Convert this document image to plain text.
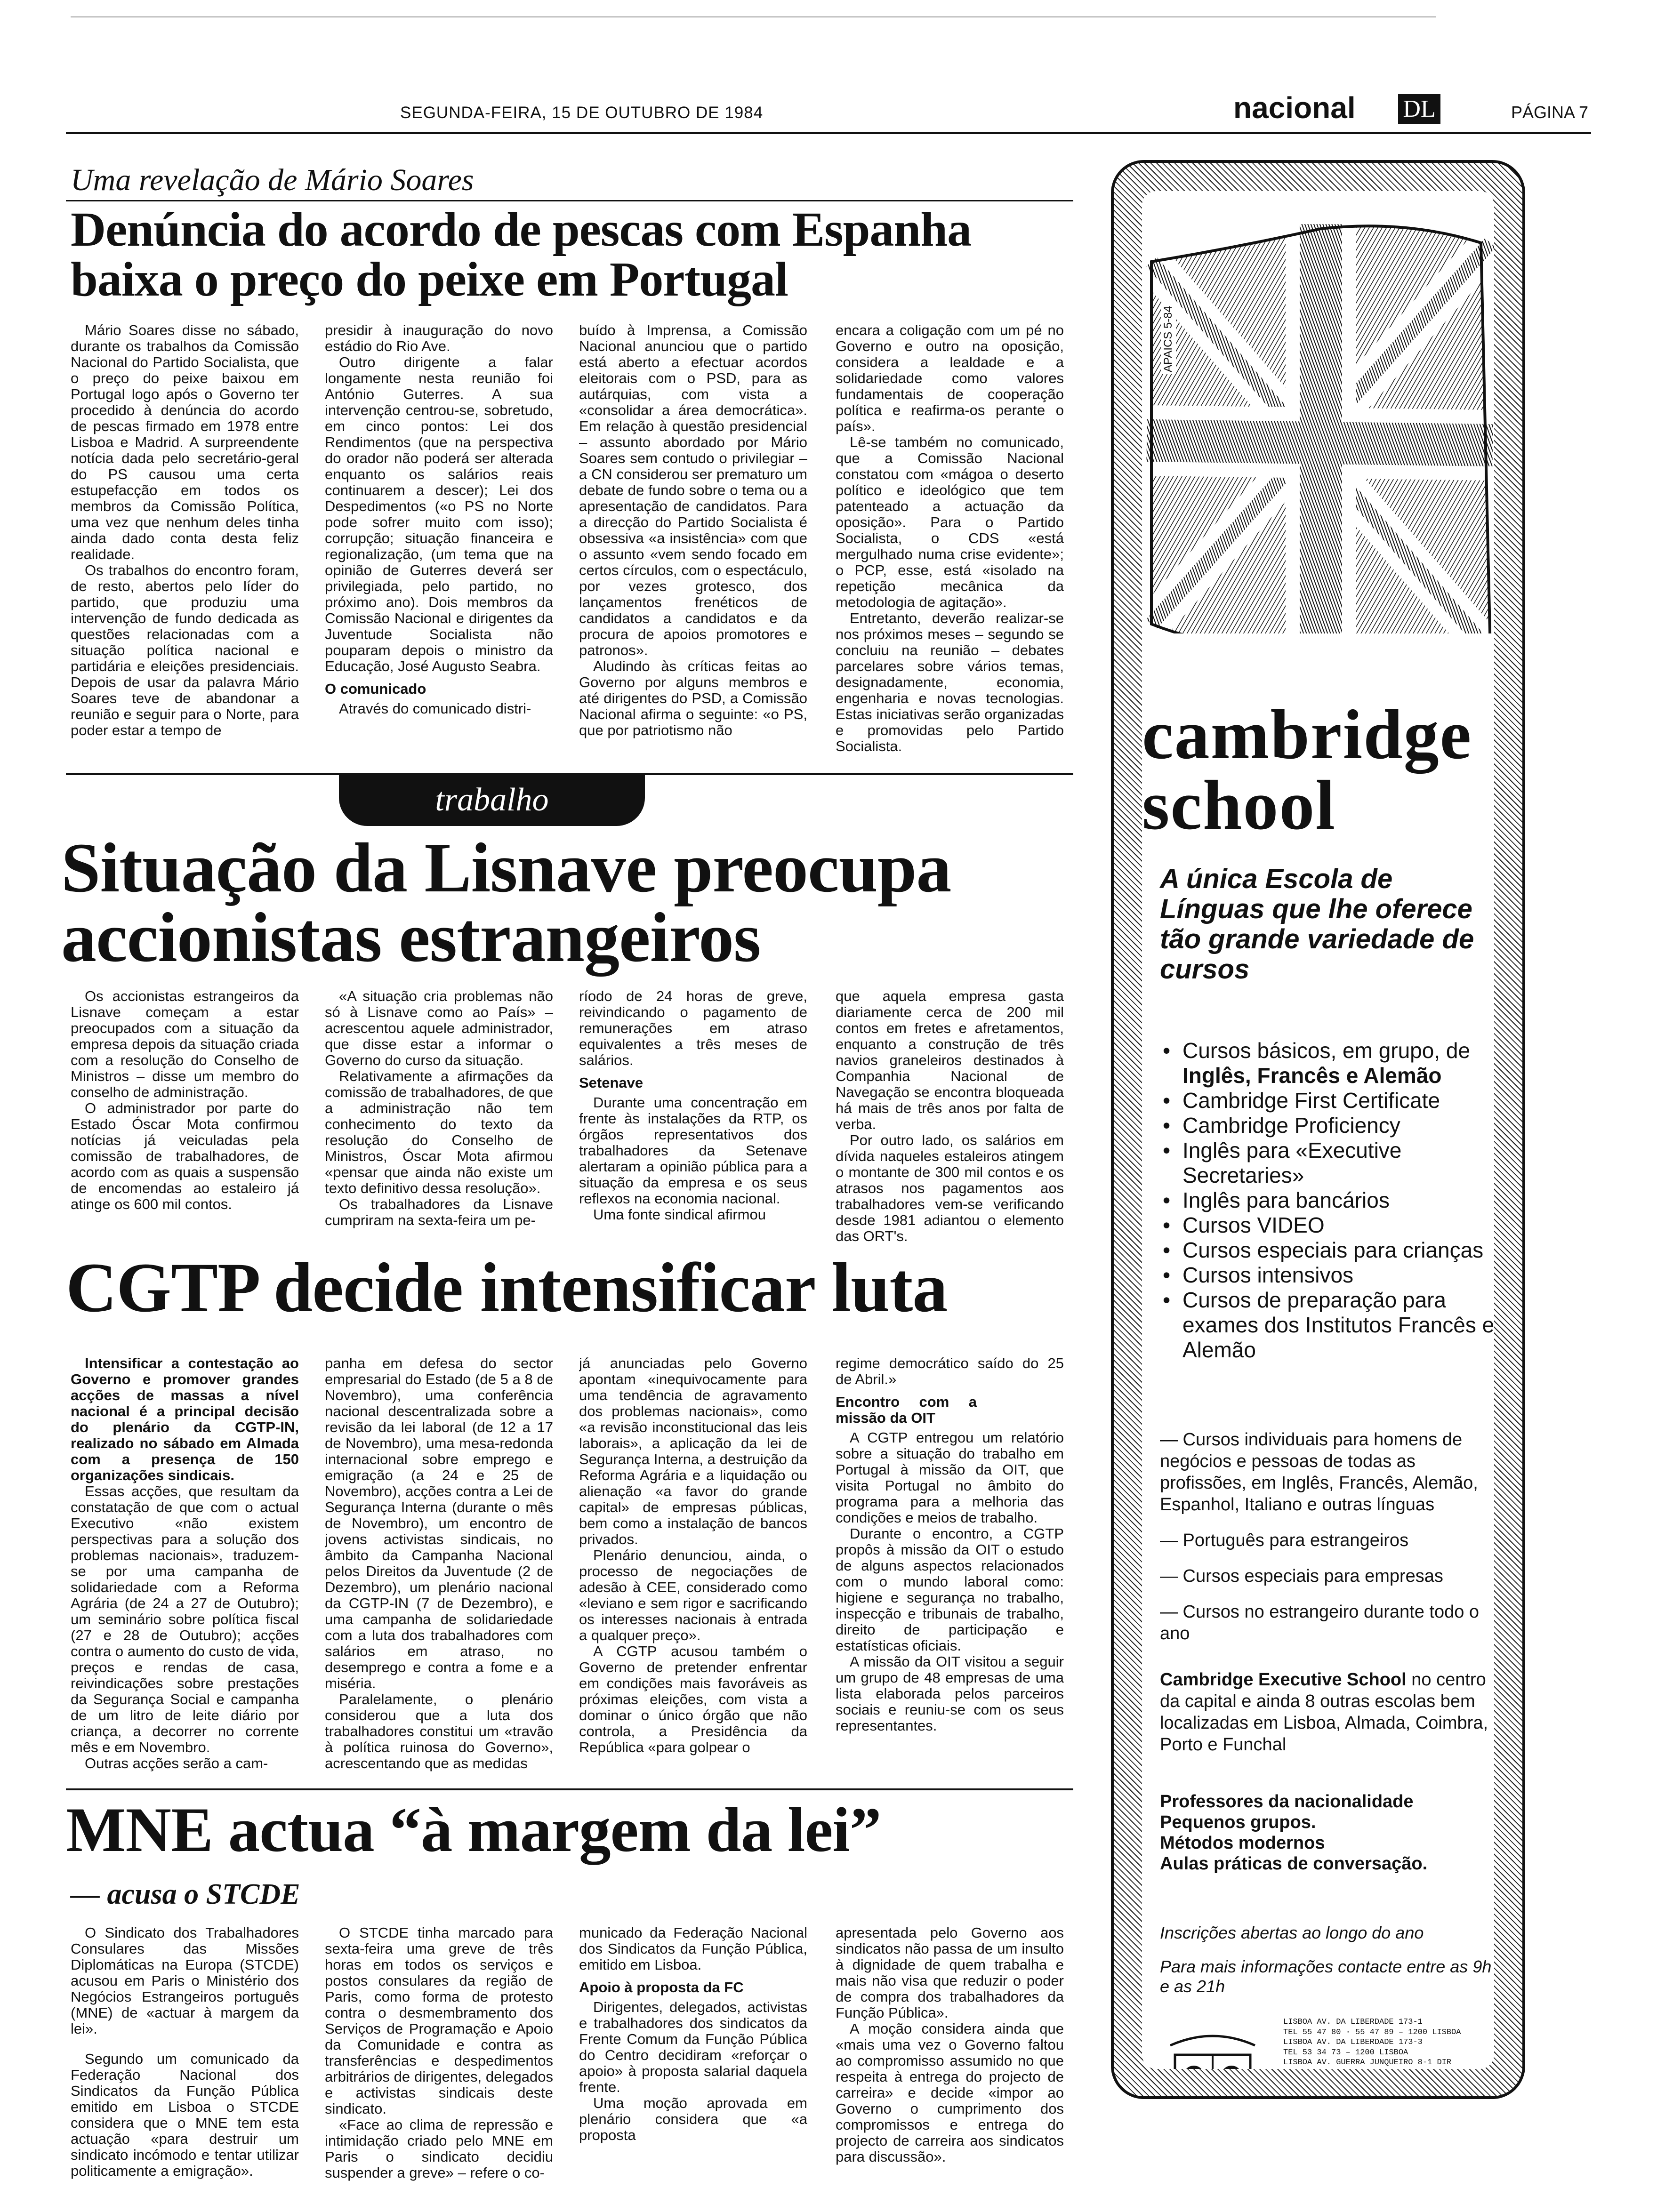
SEGUNDA-FEIRA, 15 DE OUTUBRO DE 1984	nacional DL	PÁGINA 7
Uma revelação de Mário Soares
Denúncia do acordo de pescas com Espanha
baixa o preço do peixe em Portugal

Mário Soares disse no sábado, durante os trabalhos da Comissão Nacional do Partido Socialista, que o preço do peixe baixou em Portugal logo após o Governo ter procedido à denúncia do acordo de pescas firmado em 1978 entre Lisboa e Madrid. A surpreendente notícia dada pelo secretário-geral do PS causou uma certa estupefacção em todos os membros da Comissão Política, uma vez que nenhum deles tinha ainda dado conta desta feliz realidade.

Os trabalhos do encontro foram, de resto, abertos pelo líder do partido, que produziu uma intervenção de fundo dedicada as questões relacionadas com a situação política nacional e partidária e eleições presidenciais. Depois de usar da palavra Mário Soares teve de abandonar a reunião e seguir para o Norte, para poder estar a tempo de

presidir à inauguração do novo estádio do Rio Ave.

Outro dirigente a falar longamente nesta reunião foi António Guterres. A sua intervenção centrou-se, sobretudo, em cinco pontos: Lei dos Rendimentos (que na perspectiva do orador não poderá ser alterada enquanto os salários reais continuarem a descer); Lei dos Despedimentos («o PS no Norte pode sofrer muito com isso); corrupção; situação financeira e regionalização, (um tema que na opinião de Guterres deverá ser privilegiada, pelo partido, no próximo ano). Dois membros da Comissão Nacional e dirigentes da Juventude Socialista não pouparam depois o ministro da Educação, José Augusto Seabra.

O comunicado

Através do comunicado distri-

buído à Imprensa, a Comissão Nacional anunciou que o partido está aberto a efectuar acordos eleitorais com o PSD, para as autárquias, com vista a «consolidar a área democrática». Em relação à questão presidencial – assunto abordado por Mário Soares sem contudo o privilegiar – a CN considerou ser prematuro um debate de fundo sobre o tema ou a apresentação de candidatos. Para a direcção do Partido Socialista é obsessiva «a insistência» com que o assunto «vem sendo focado em certos círculos, com o espectáculo, por vezes grotesco, dos lançamentos frenéticos de candidatos a candidatos e da procura de apoios promotores e patronos».

Aludindo às críticas feitas ao Governo por alguns membros e até dirigentes do PSD, a Comissão Nacional afirma o seguinte: «o PS, que por patriotismo não

encara a coligação com um pé no Governo e outro na oposição, considera a lealdade e a solidariedade como valores fundamentais de cooperação política e reafirma-os perante o país».

Lê-se também no comunicado, que a Comissão Nacional constatou com «mágoa o deserto político e ideológico que tem patenteado a actuação da oposição». Para o Partido Socialista, o CDS «está mergulhado numa crise evidente»; o PCP, esse, está «isolado na repetição mecânica da metodologia de agitação».

Entretanto, deverão realizar-se nos próximos meses – segundo se concluiu na reunião – debates parcelares sobre vários temas, designadamente, economia, engenharia e novas tecnologias. Estas iniciativas serão organizadas e promovidas pelo Partido Socialista.

trabalho
Situação da Lisnave preocupa
accionistas estrangeiros

Os accionistas estrangeiros da Lisnave começam a estar preocupados com a situação da empresa depois da situação criada com a resolução do Conselho de Ministros – disse um membro do conselho de administração.

O administrador por parte do Estado Óscar Mota confirmou notícias já veiculadas pela comissão de trabalhadores, de acordo com as quais a suspensão de encomendas ao estaleiro já atinge os 600 mil contos.

«A situação cria problemas não só à Lisnave como ao País» – acrescentou aquele administrador, que disse estar a informar o Governo do curso da situação.

Relativamente a afirmações da comissão de trabalhadores, de que a administração não tem conhecimento do texto da resolução do Conselho de Ministros, Óscar Mota afirmou «pensar que ainda não existe um texto definitivo dessa resolução».

Os trabalhadores da Lisnave cumpriram na sexta-feira um pe-

ríodo de 24 horas de greve, reivindicando o pagamento de remunerações em atraso equivalentes a três meses de salários.

Setenave

Durante uma concentração em frente às instalações da RTP, os órgãos representativos dos trabalhadores da Setenave alertaram a opinião pública para a situação da empresa e os seus reflexos na economia nacional.

Uma fonte sindical afirmou

que aquela empresa gasta diariamente cerca de 200 mil contos em fretes e afretamentos, enquanto a construção de três navios graneleiros destinados à Companhia Nacional de Navegação se encontra bloqueada há mais de três anos por falta de verba.

Por outro lado, os salários em dívida naqueles estaleiros atingem o montante de 300 mil contos e os atrasos nos pagamentos aos trabalhadores vem-se verificando desde 1981 adiantou o elemento das ORT's.

CGTP decide intensificar luta

Intensificar a contestação ao Governo e promover grandes acções de massas a nível nacional é a principal decisão do plenário da CGTP-IN, realizado no sábado em Almada com a presença de 150 organizações sindicais.

Essas acções, que resultam da constatação de que com o actual Executivo «não existem perspectivas para a solução dos problemas nacionais», traduzem-se por uma campanha de solidariedade com a Reforma Agrária (de 24 a 27 de Outubro); um seminário sobre política fiscal (27 e 28 de Outubro); acções contra o aumento do custo de vida, preços e rendas de casa, reivindicações sobre prestações da Segurança Social e campanha de um litro de leite diário por criança, a decorrer no corrente mês e em Novembro.

Outras acções serão a cam-

panha em defesa do sector empresarial do Estado (de 5 a 8 de Novembro), uma conferência nacional descentralizada sobre a revisão da lei laboral (de 12 a 17 de Novembro), uma mesa-redonda internacional sobre emprego e emigração (a 24 e 25 de Novembro), acções contra a Lei de Segurança Interna (durante o mês de Novembro), um encontro de jovens activistas sindicais, no âmbito da Campanha Nacional pelos Direitos da Juventude (2 de Dezembro), um plenário nacional da CGTP-IN (7 de Dezembro), e uma campanha de solidariedade com a luta dos trabalhadores com salários em atraso, no desemprego e contra a fome e a miséria.

Paralelamente, o plenário considerou que a luta dos trabalhadores constitui um «travão à política ruinosa do Governo», acrescentando que as medidas

já anunciadas pelo Governo apontam «inequivocamente para uma tendência de agravamento dos problemas nacionais», como «a revisão inconstitucional das leis laborais», a aplicação da lei de Segurança Interna, a destruição da Reforma Agrária e a liquidação ou alienação «a favor do grande capital» de empresas públicas, bem como a instalação de bancos privados.

Plenário denunciou, ainda, o processo de negociações de adesão à CEE, considerado como «leviano e sem rigor e sacrificando os interesses nacionais à entrada a qualquer preço».

A CGTP acusou também o Governo de pretender enfrentar em condições mais favoráveis as próximas eleições, com vista a dominar o único órgão que não controla, a Presidência da República «para golpear o

regime democrático saído do 25 de Abril.»

Encontro com a missão da OIT

A CGTP entregou um relatório sobre a situação do trabalho em Portugal à missão da OIT, que visita Portugal no âmbito do programa para a melhoria das condições e meios de trabalho.

Durante o encontro, a CGTP propôs à missão da OIT o estudo de alguns aspectos relacionados com o mundo laboral como: higiene e segurança no trabalho, inspecção e tribunais de trabalho, direito de participação e estatísticas oficiais.

A missão da OIT visitou a seguir um grupo de 48 empresas de uma lista elaborada pelos parceiros sociais e reuniu-se com os seus representantes.

MNE actua “à margem da lei”
— acusa o STCDE

O Sindicato dos Trabalhadores Consulares das Missões Diplomáticas na Europa (STCDE) acusou em Paris o Ministério dos Negócios Estrangeiros português (MNE) de «actuar à margem da lei».

Segundo um comunicado da Federação Nacional dos Sindicatos da Função Pública emitido em Lisboa o STCDE considera que o MNE tem esta actuação «para destruir um sindicato incómodo e tentar utilizar politicamente a emigração».

O STCDE tinha marcado para sexta-feira uma greve de três horas em todos os serviços e postos consulares da região de Paris, como forma de protesto contra o desmembramento dos Serviços de Programação e Apoio da Comunidade e contra as transferências e despedimentos arbitrários de dirigentes, delegados e activistas sindicais deste sindicato.

«Face ao clima de repressão e intimidação criado pelo MNE em Paris o sindicato decidiu suspender a greve» – refere o co-

municado da Federação Nacional dos Sindicatos da Função Pública, emitido em Lisboa.

Apoio à proposta da FC

Dirigentes, delegados, activistas e trabalhadores dos sindicatos da Frente Comum da Função Pública do Centro decidiram «reforçar o apoio» à proposta salarial daquela frente.

Uma moção aprovada em plenário considera que «a proposta

apresentada pelo Governo aos sindicatos não passa de um insulto à dignidade de quem trabalha e mais não visa que reduzir o poder de compra dos trabalhadores da Função Pública».

A moção considera ainda que «mais uma vez o Governo faltou ao compromisso assumido no que respeita à entrega do projecto de carreira» e decide «impor ao Governo o cumprimento dos compromissos e entrega do projecto de carreira aos sindicatos para discussão».

APAICS 5-84
cambridge
school
A única Escola de Línguas que lhe oferece tão grande variedade de cursos
• Cursos básicos, em grupo, de Inglês, Francês e Alemão
• Cambridge First Certificate
• Cambridge Proficiency
• Inglês para «Executive Secretaries»
• Inglês para bancários
• Cursos VIDEO
• Cursos especiais para crianças
• Cursos intensivos
• Cursos de preparação para exames dos Institutos Francês e Alemão
— Cursos individuais para homens de negócios e pessoas de todas as profissões, em Inglês, Francês, Alemão, Espanhol, Italiano e outras línguas
— Português para estrangeiros
— Cursos especiais para empresas
— Cursos no estrangeiro durante todo o ano
Cambridge Executive School no centro da capital e ainda 8 outras escolas bem localizadas em Lisboa, Almada, Coimbra, Porto e Funchal
Professores da nacionalidade
Pequenos grupos.
Métodos modernos
Aulas práticas de conversação.
Inscrições abertas ao longo do ano
Para mais informações contacte entre as 9h e as 21h
LISBOA AV. DA LIBERDADE 173-1
TEL 55 47 80 · 55 47 89 – 1200 LISBOA
LISBOA AV. DA LIBERDADE 173-3
TEL 53 34 73 – 1200 LISBOA
LISBOA AV. GUERRA JUNQUEIRO 8-1 DIR
